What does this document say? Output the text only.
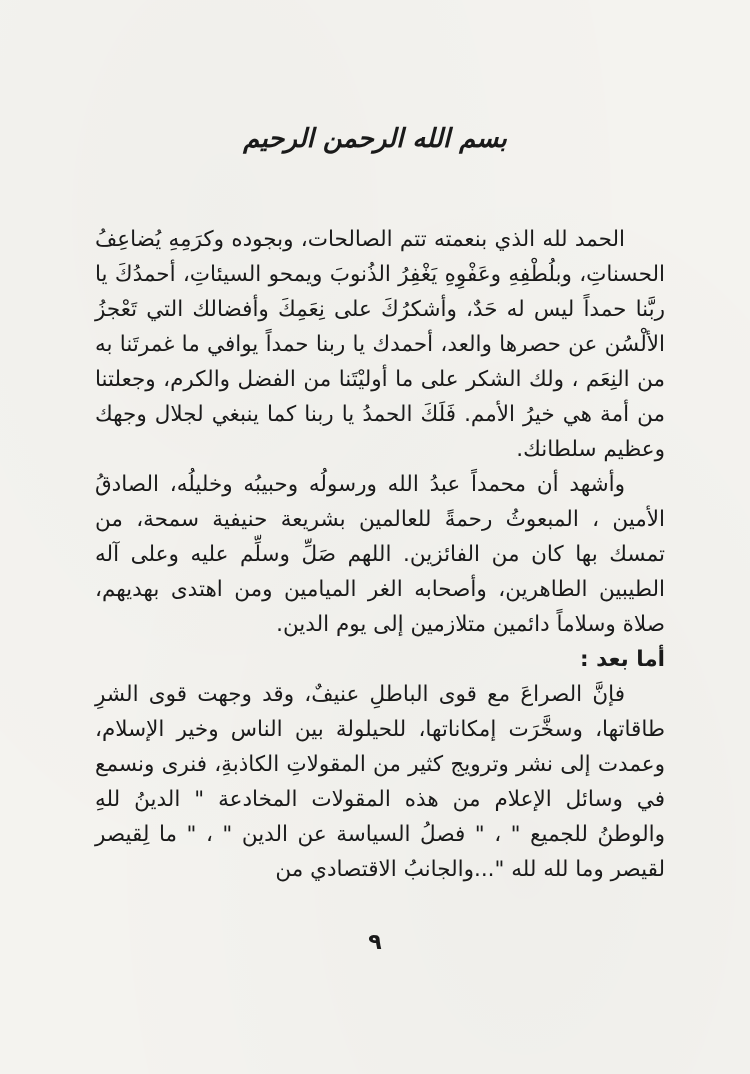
بسم الله الرحمن الرحيم

الحمد لله الذي بنعمته تتم الصالحات، وبجوده وكرَمِهِ يُضاعِفُ الحسناتِ، وبلُطْفِهِ وعَفْوِهِ يَغْفِرُ الذُنوبَ ويمحو السيئاتِ، أحمدُكَ يا ربَّنا حمداً ليس له حَدٌ، وأشكرُكَ على نِعَمِكَ وأفضالك التي تَعْجزُ الألْسُن عن حصرها والعد، أحمدك يا ربنا حمداً يوافي ما غمرتَنا به من النِعَم ، ولك الشكر على ما أوليْتَنا من الفضل والكرم، وجعلتنا من أمة هي خيرُ الأمم. فَلَكَ الحمدُ يا ربنا كما ينبغي لجلال وجهك وعظيم سلطانك.

وأشهد أن محمداً عبدُ الله ورسولُه وحبيبُه وخليلُه، الصادقُ الأمين ، المبعوثُ رحمةً للعالمين بشريعة حنيفية سمحة، من تمسك بها كان من الفائزين. اللهم صَلِّ وسلِّم عليه وعلى آله الطيبين الطاهرين، وأصحابه الغر الميامين ومن اهتدى بهديهم، صلاة وسلاماً دائمين متلازمين إلى يوم الدين.

أما بعد :

فإنَّ الصراعَ مع قوى الباطلِ عنيفٌ، وقد وجهت قوى الشرِ طاقاتها، وسخَّرَت إمكاناتها، للحيلولة بين الناس وخير الإسلام، وعمدت إلى نشر وترويج كثير من المقولاتِ الكاذبةِ، فنرى ونسمع في وسائل الإعلام من هذه المقولات المخادعة " الدينُ للهِ والوطنُ للجميع " ، " فصلُ السياسة عن الدين " ، " ما لِقيصر لقيصر وما لله لله "...والجانبُ الاقتصادي من

٩
